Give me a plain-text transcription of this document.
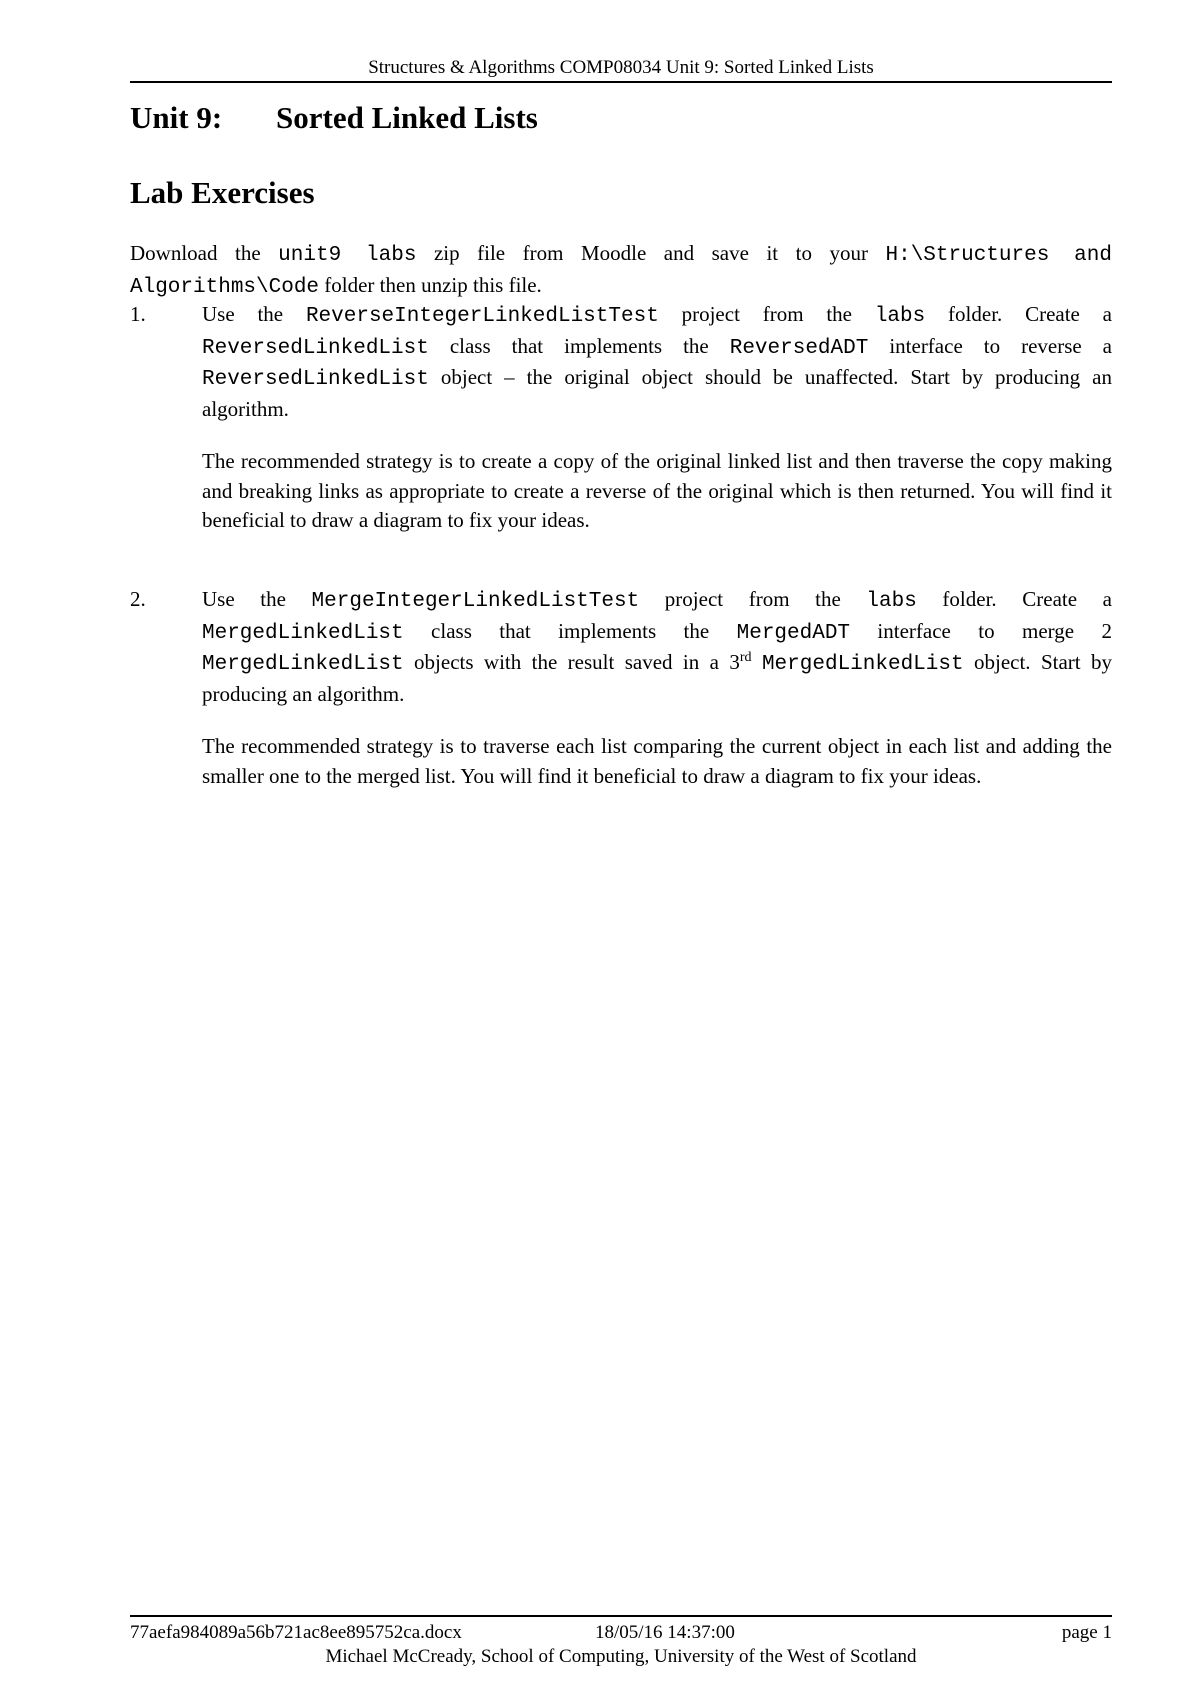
Structures & Algorithms COMP08034 Unit 9: Sorted Linked Lists
Unit 9: Sorted Linked Lists
Lab Exercises
Download the unit9 labs zip file from Moodle and save it to your H:\Structures and Algorithms\Code folder then unzip this file.
1.	Use the ReverseIntegerLinkedListTest project from the labs folder. Create a ReversedLinkedList class that implements the ReversedADT interface to reverse a ReversedLinkedList object – the original object should be unaffected. Start by producing an algorithm.
The recommended strategy is to create a copy of the original linked list and then traverse the copy making and breaking links as appropriate to create a reverse of the original which is then returned. You will find it beneficial to draw a diagram to fix your ideas.
2.	Use the MergeIntegerLinkedListTest project from the labs folder. Create a MergedLinkedList class that implements the MergedADT interface to merge 2 MergedLinkedList objects with the result saved in a 3rd MergedLinkedList object. Start by producing an algorithm.
The recommended strategy is to traverse each list comparing the current object in each list and adding the smaller one to the merged list. You will find it beneficial to draw a diagram to fix your ideas.
77aefa984089a56b721ac8ee895752ca.docx	18/05/16 14:37:00	page 1
Michael McCready, School of Computing, University of the West of Scotland
